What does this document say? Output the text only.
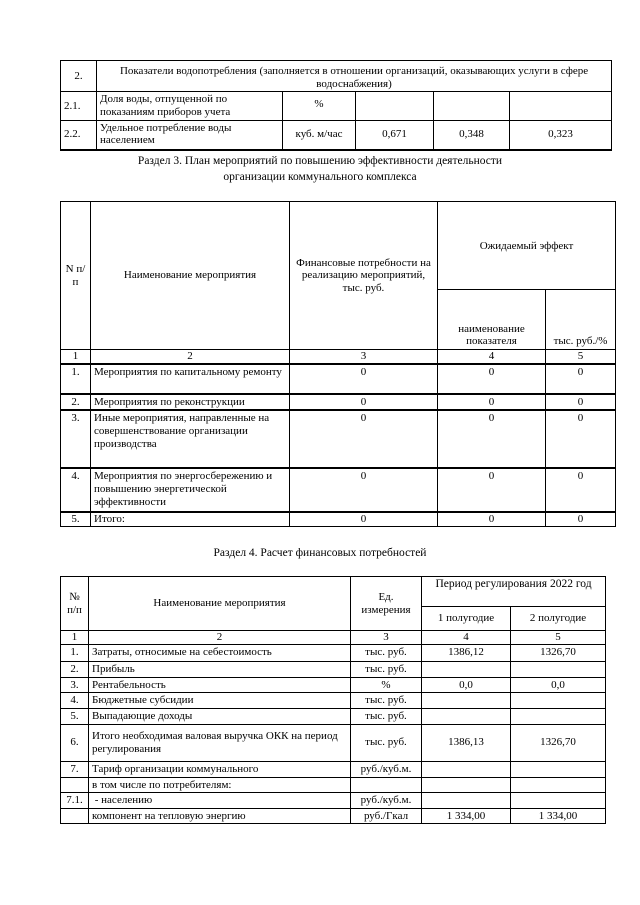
2.	Показатели водопотребления (заполняется в отношении организаций, оказывающих услуги в сфере водоснабжения)				
2.1.	Доля воды, отпущенной по показаниям приборов учета	%			
2.2.	Удельное потребление воды населением	куб. м/час	0,671	0,348	0,323
Раздел 3. План мероприятий по повышению эффективности деятельности
организации коммунального комплекса
N п/ п	Наименование мероприятия	Финансовые потребности на реализацию мероприятий, тыс. руб.	Ожидаемый эффект	
			наименование показателя	тыс. руб./%
1	2	3	4	5
1.	Мероприятия по капитальному ремонту	0	0	0
2.	Мероприятия по реконструкции	0	0	0
3.	Иные мероприятия, направленные на совершенствование организации производства	0	0	0
4.	Мероприятия по энергосбережению и повышению энергетической эффективности	0	0	0
5.	Итого:	0	0	0
Раздел 4. Расчет финансовых потребностей
№ п/п	Наименование мероприятия	Ед. измерения	Период регулирования 2022 год	
			1 полугодие	2 полугодие
1	2	3	4	5
1.	Затраты, относимые на себестоимость	тыс. руб.	1386,12	1326,70
2.	Прибыль	тыс. руб.		
3.	Рентабельность	%	0,0	0,0
4.	Бюджетные субсидии	тыс. руб.		
5.	Выпадающие доходы	тыс. руб.		
6.	Итого необходимая валовая выручка ОКК на период регулирования	тыс. руб.	1386,13	1326,70
7.	Тариф организации коммунального	руб./куб.м.		
	в том числе по потребителям:			
7.1.	- населению	руб./куб.м.		
	компонент на тепловую энергию	руб./Гкал	1 334,00	1 334,00
